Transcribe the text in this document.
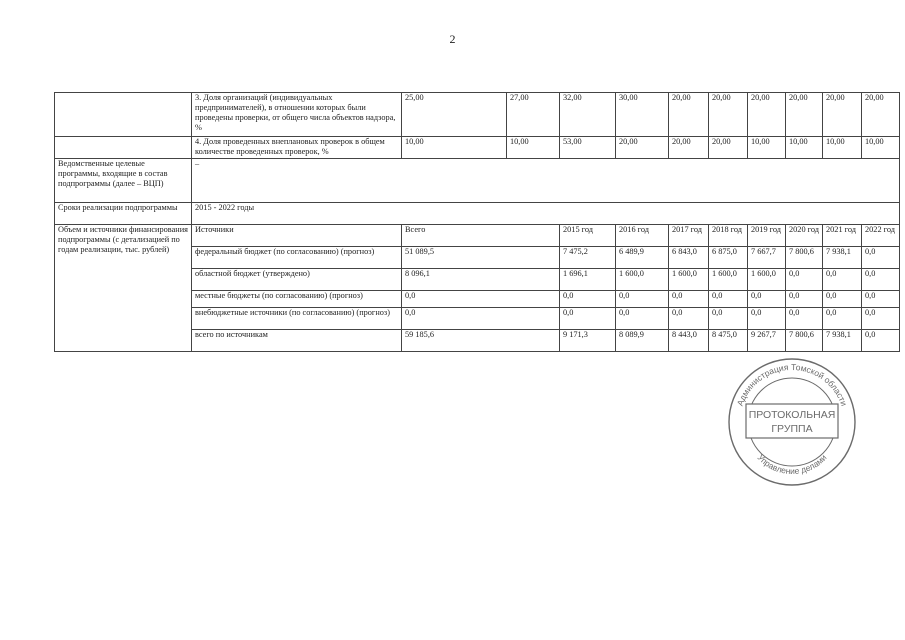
2
	3. Доля организаций (индивидуальных предпринимателей), в отношении которых были проведены проверки, от общего числа объектов надзора, %	25,00	27,00	32,00	30,00	20,00	20,00	20,00	20,00	20,00	20,00
	4. Доля проведенных внеплановых проверок в общем количестве проведенных проверок, %	10,00	10,00	53,00	20,00	20,00	20,00	10,00	10,00	10,00	10,00
Ведомственные целевые программы, входящие в состав подпрограммы (далее – ВЦП)	–										
Сроки реализации подпрограммы	2015 - 2022 годы										
Объем и источники финансирования подпрограммы (с детализацией по годам реализации, тыс. рублей)	Источники	Всего		2015 год	2016 год	2017 год	2018 год	2019 год	2020 год	2021 год	2022 год
	федеральный бюджет (по согласованию) (прогноз)	51 089,5		7 475,2	6 489,9	6 843,0	6 875,0	7 667,7	7 800,6	7 938,1	0,0
	областной бюджет (утверждено)	8 096,1		1 696,1	1 600,0	1 600,0	1 600,0	1 600,0	0,0	0,0	0,0
	местные бюджеты (по согласованию) (прогноз)	0,0		0,0	0,0	0,0	0,0	0,0	0,0	0,0	0,0
	внебюджетные источники (по согласованию) (прогноз)	0,0		0,0	0,0	0,0	0,0	0,0	0,0	0,0	0,0
	всего по источникам	59 185,6		9 171,3	8 089,9	8 443,0	8 475,0	9 267,7	7 800,6	7 938,1	0,0
Администрация Томской области
Управление делами
ПРОТОКОЛЬНАЯ
ГРУППА
